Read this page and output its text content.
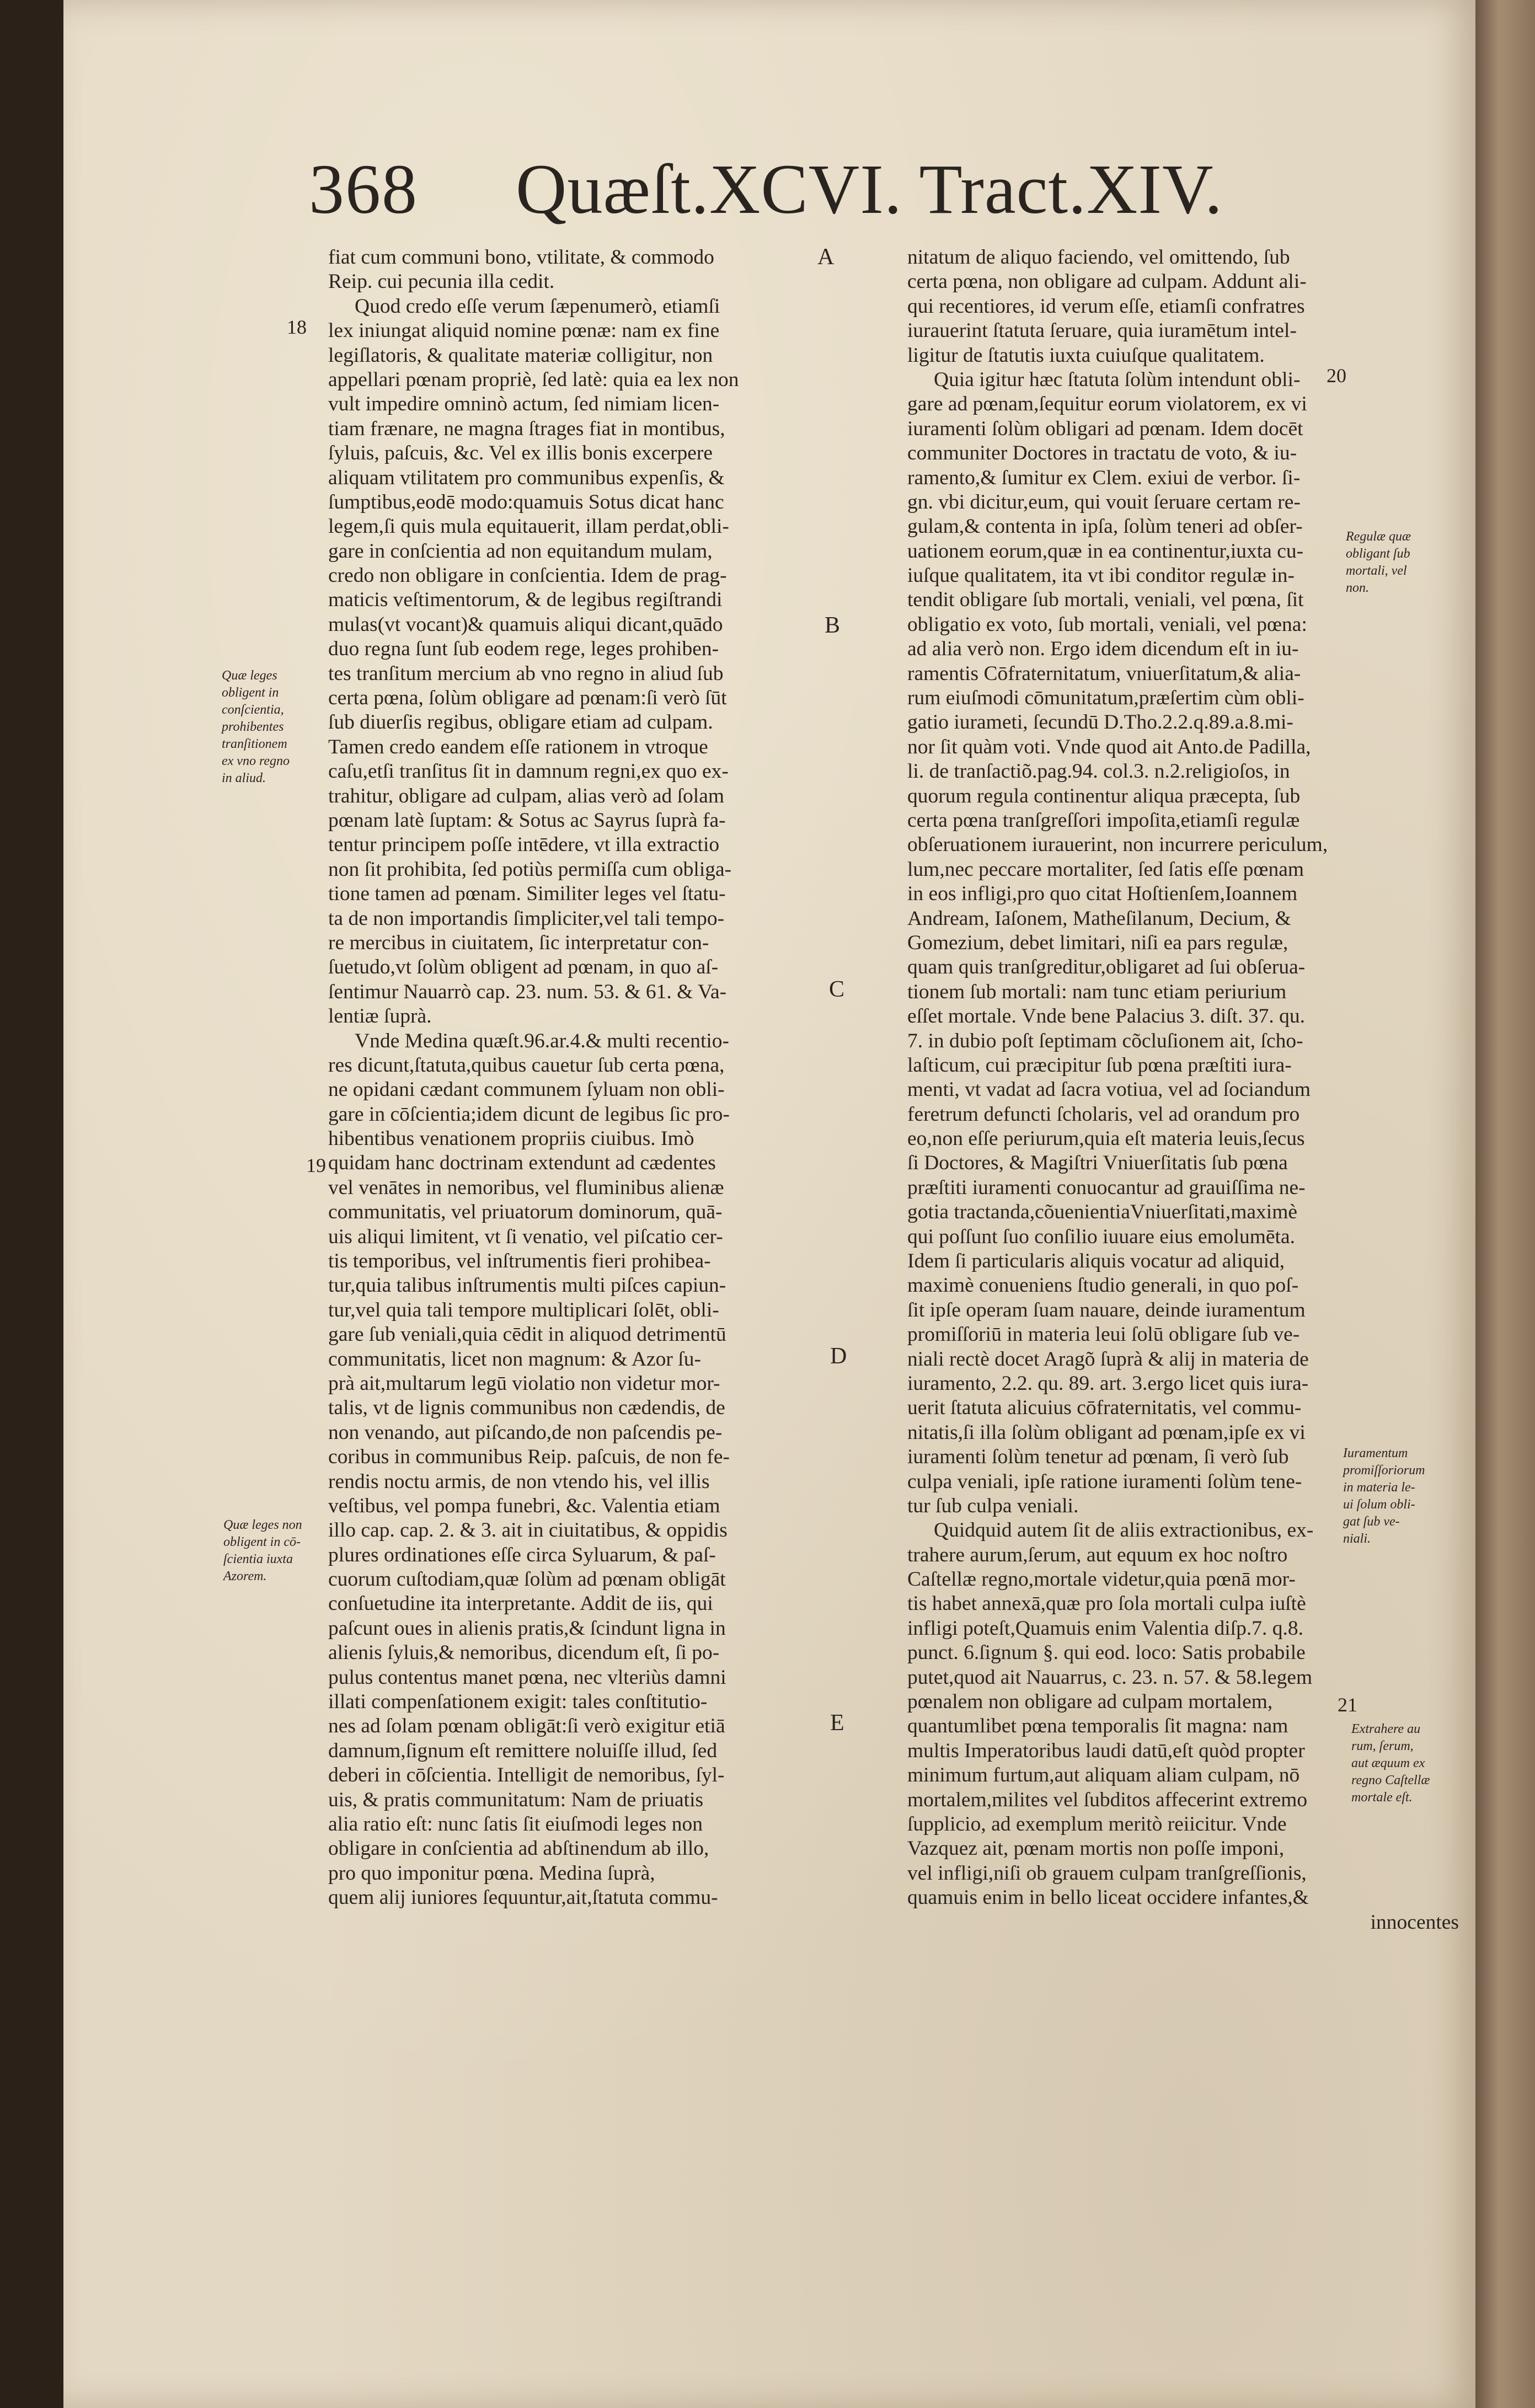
368 Quæſt.XCVI. Tract.XIV.
fiat cum communi bono, vtilitate, & commodo
Reip. cui pecunia illa cedit.
Quod credo eſſe verum ſæpenumerò, etiamſi
lex iniungat aliquid nomine pœnæ: nam ex fine
legiſlatoris, & qualitate materiæ colligitur, non
appellari pœnam propriè, ſed latè: quia ea lex non
vult impedire omninò actum, ſed nimiam licen-
tiam frænare, ne magna ſtrages fiat in montibus,
ſyluis, paſcuis, &c. Vel ex illis bonis excerpere
aliquam vtilitatem pro communibus expenſis, &
ſumptibus,eodē modo:quamuis Sotus dicat hanc
legem,ſi quis mula equitauerit, illam perdat,obli-
gare in conſcientia ad non equitandum mulam,
credo non obligare in conſcientia. Idem de prag-
maticis veſtimentorum, & de legibus regiſtrandi
mulas(vt vocant)& quamuis aliqui dicant,quādo
duo regna ſunt ſub eodem rege, leges prohiben-
tes tranſitum mercium ab vno regno in aliud ſub
certa pœna, ſolùm obligare ad pœnam:ſi verò ſūt
ſub diuerſis regibus, obligare etiam ad culpam.
Tamen credo eandem eſſe rationem in vtroque
caſu,etſi tranſitus ſit in damnum regni,ex quo ex-
trahitur, obligare ad culpam, alias verò ad ſolam
pœnam latè ſuptam: & Sotus ac Sayrus ſuprà fa-
tentur principem poſſe intēdere, vt illa extractio
non ſit prohibita, ſed potiùs permiſſa cum obliga-
tione tamen ad pœnam. Similiter leges vel ſtatu-
ta de non importandis ſimpliciter,vel tali tempo-
re mercibus in ciuitatem, ſic interpretatur con-
ſuetudo,vt ſolùm obligent ad pœnam, in quo aſ-
ſentimur Nauarrò cap. 23. num. 53. & 61. & Va-
lentiæ ſuprà.
Vnde Medina quæſt.96.ar.4.& multi recentio-
res dicunt,ſtatuta,quibus cauetur ſub certa pœna,
ne opidani cædant communem ſyluam non obli-
gare in cōſcientia;idem dicunt de legibus ſic pro-
hibentibus venationem propriis ciuibus. Imò
quidam hanc doctrinam extendunt ad cædentes
vel venātes in nemoribus, vel fluminibus alienæ
communitatis, vel priuatorum dominorum, quā-
uis aliqui limitent, vt ſi venatio, vel piſcatio cer-
tis temporibus, vel inſtrumentis fieri prohibea-
tur,quia talibus inſtrumentis multi piſces capiun-
tur,vel quia tali tempore multiplicari ſolēt, obli-
gare ſub veniali,quia cēdit in aliquod detrimentū
communitatis, licet non magnum: & Azor ſu-
prà ait,multarum legū violatio non videtur mor-
talis, vt de lignis communibus non cædendis, de
non venando, aut piſcando,de non paſcendis pe-
coribus in communibus Reip. paſcuis, de non fe-
rendis noctu armis, de non vtendo his, vel illis
veſtibus, vel pompa funebri, &c. Valentia etiam
illo cap. cap. 2. & 3. ait in ciuitatibus, & oppidis
plures ordinationes eſſe circa Syluarum, & paſ-
cuorum cuſtodiam,quæ ſolùm ad pœnam obligāt
conſuetudine ita interpretante. Addit de iis, qui
paſcunt oues in alienis pratis,& ſcindunt ligna in
alienis ſyluis,& nemoribus, dicendum eſt, ſi po-
pulus contentus manet pœna, nec vlteriùs damni
illati compenſationem exigit: tales conſtitutio-
nes ad ſolam pœnam obligāt:ſi verò exigitur etiā
damnum,ſignum eſt remittere noluiſſe illud, ſed
deberi in cōſcientia. Intelligit de nemoribus, ſyl-
uis, & pratis communitatum: Nam de priuatis
alia ratio eſt: nunc ſatis ſit eiuſmodi leges non
obligare in conſcientia ad abſtinendum ab illo,
pro quo imponitur pœna. Medina ſuprà,
quem alij iuniores ſequuntur,ait,ſtatuta commu-
nitatum de aliquo faciendo, vel omittendo, ſub
certa pœna, non obligare ad culpam. Addunt ali-
qui recentiores, id verum eſſe, etiamſi confratres
iurauerint ſtatuta ſeruare, quia iuramētum intel-
ligitur de ſtatutis iuxta cuiuſque qualitatem.
Quia igitur hæc ſtatuta ſolùm intendunt obli-
gare ad pœnam,ſequitur eorum violatorem, ex vi
iuramenti ſolùm obligari ad pœnam. Idem docēt
communiter Doctores in tractatu de voto, & iu-
ramento,& ſumitur ex Clem. exiui de verbor. ſi-
gn. vbi dicitur,eum, qui vouit ſeruare certam re-
gulam,& contenta in ipſa, ſolùm teneri ad obſer-
uationem eorum,quæ in ea continentur,iuxta cu-
iuſque qualitatem, ita vt ibi conditor regulæ in-
tendit obligare ſub mortali, veniali, vel pœna, ſit
obligatio ex voto, ſub mortali, veniali, vel pœna:
ad alia verò non. Ergo idem dicendum eſt in iu-
ramentis Cōfraternitatum, vniuerſitatum,& alia-
rum eiuſmodi cōmunitatum,præſertim cùm obli-
gatio iurameti, ſecundū D.Tho.2.2.q.89.a.8.mi-
nor ſit quàm voti. Vnde quod ait Anto.de Padilla,
li. de tranſactiõ.pag.94. col.3. n.2.religioſos, in
quorum regula continentur aliqua præcepta, ſub
certa pœna tranſgreſſori impoſita,etiamſi regulæ
obſeruationem iurauerint, non incurrere periculum,
lum,nec peccare mortaliter, ſed ſatis eſſe pœnam
in eos infligi,pro quo citat Hoſtienſem,Ioannem
Andream, Iaſonem, Matheſilanum, Decium, &
Gomezium, debet limitari, niſi ea pars regulæ,
quam quis tranſgreditur,obligaret ad ſui obſerua-
tionem ſub mortali: nam tunc etiam periurium
eſſet mortale. Vnde bene Palacius 3. diſt. 37. qu.
7. in dubio poſt ſeptimam cõcluſionem ait, ſcho-
laſticum, cui præcipitur ſub pœna præſtiti iura-
menti, vt vadat ad ſacra votiua, vel ad ſociandum
feretrum defuncti ſcholaris, vel ad orandum pro
eo,non eſſe periurum,quia eſt materia leuis,ſecus
ſi Doctores, & Magiſtri Vniuerſitatis ſub pœna
præſtiti iuramenti conuocantur ad grauiſſima ne-
gotia tractanda,cõuenientiaVniuerſitati,maximè
qui poſſunt ſuo conſilio iuuare eius emolumēta.
Idem ſi particularis aliquis vocatur ad aliquid,
maximè conueniens ſtudio generali, in quo poſ-
ſit ipſe operam ſuam nauare, deinde iuramentum
promiſſoriū in materia leui ſolū obligare ſub ve-
niali rectè docet Aragõ ſuprà & alij in materia de
iuramento, 2.2. qu. 89. art. 3.ergo licet quis iura-
uerit ſtatuta alicuius cōfraternitatis, vel commu-
nitatis,ſi illa ſolùm obligant ad pœnam,ipſe ex vi
iuramenti ſolùm tenetur ad pœnam, ſi verò ſub
culpa veniali, ipſe ratione iuramenti ſolùm tene-
tur ſub culpa veniali.
Quidquid autem ſit de aliis extractionibus, ex-
trahere aurum,ſerum, aut equum ex hoc noſtro
Caſtellæ regno,mortale videtur,quia pœnā mor-
tis habet annexā,quæ pro ſola mortali culpa iuſtè
infligi poteſt,Quamuis enim Valentia diſp.7. q.8.
punct. 6.ſignum §. qui eod. loco: Satis probabile
putet,quod ait Nauarrus, c. 23. n. 57. & 58.legem
pœnalem non obligare ad culpam mortalem,
quantumlibet pœna temporalis ſit magna: nam
multis Imperatoribus laudi datū,eſt quòd propter
minimum furtum,aut aliquam aliam culpam, nō
mortalem,milites vel ſubditos affecerint extremo
ſupplicio, ad exemplum meritò reiicitur. Vnde
Vazquez ait, pœnam mortis non poſſe imponi,
vel infligi,niſi ob grauem culpam tranſgreſſionis,
quamuis enim in bello liceat occidere infantes,&
innocentes
18
19
20
21
A
B
C
D
E
Quæ leges
obligent in
conſcientia,
prohibentes
tranſitionem
ex vno regno
in aliud.
Quæ leges non
obligent in cō-
ſcientia iuxta
Azorem.
Regulæ quæ
obligant ſub
mortali, vel
non.
Iuramentum
promiſſoriorum
in materia le-
ui ſolum obli-
gat ſub ve-
niali.
Extrahere au
rum, ſerum,
aut æquum ex
regno Caſtellæ
mortale eſt.
